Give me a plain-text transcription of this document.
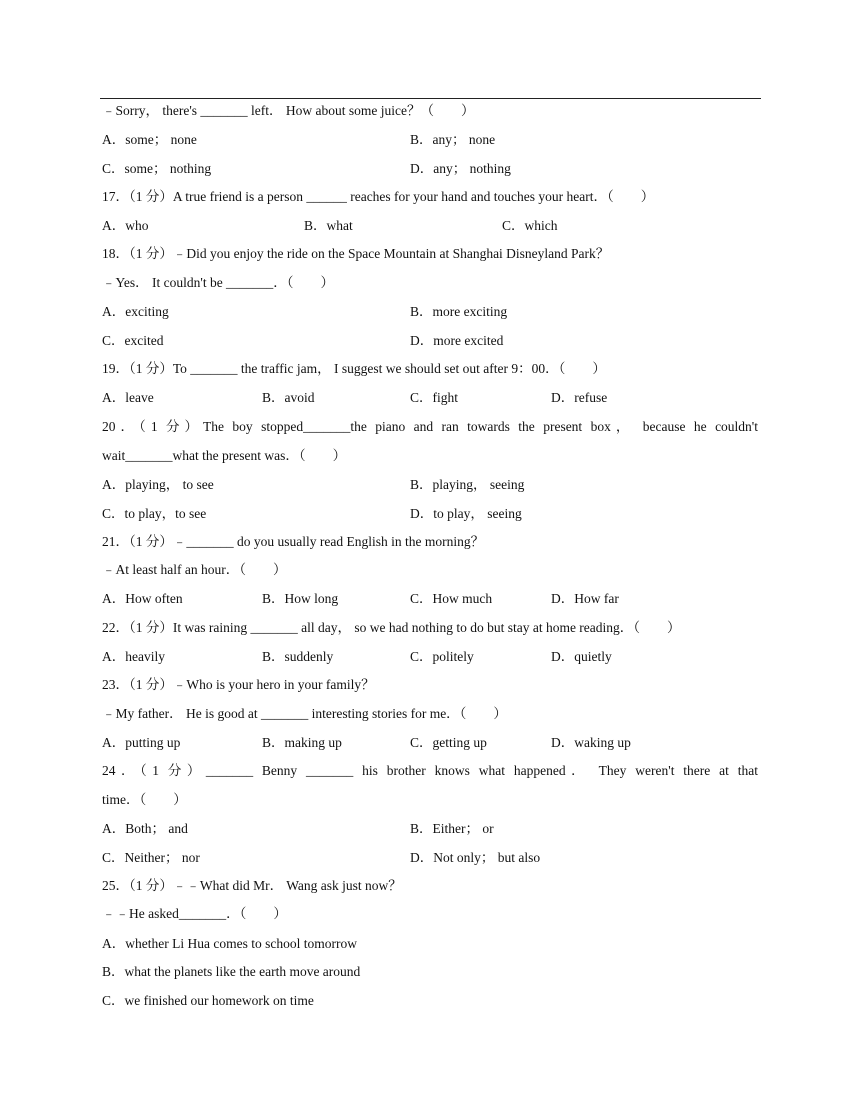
﹣Sorry， there's _______ left． How about some juice？（　　）
A．some； none	B．any； none
C．some； nothing	D．any； nothing
17．（1 分）A true friend is a person ______ reaches for your hand and touches your heart．（　　）
A．who	B．what	C．which
18．（1 分）﹣Did you enjoy the ride on the Space Mountain at Shanghai Disneyland Park？
﹣Yes． It couldn't be _______．（　　）
A．exciting	B．more exciting
C．excited	D．more excited
19．（1 分）To _______ the traffic jam， I suggest we should set out after 9：00．（　　）
A．leave	B．avoid	C．fight	D．refuse
20．（1 分）The boy stopped_______the piano and ran towards the present box， because he couldn't
wait_______what the present was．（　　）
A．playing， to see	B．playing， seeing
C．to play，to see	D．to play， seeing
21．（1 分）﹣_______ do you usually read English in the morning？
﹣At least half an hour．（　　）
A．How often	B．How long	C．How much	D．How far
22．（1 分）It was raining _______ all day， so we had nothing to do but stay at home reading．（　　）
A．heavily	B．suddenly	C．politely	D．quietly
23．（1 分）﹣Who is your hero in your family？
﹣My father． He is good at _______ interesting stories for me．（　　）
A．putting up	B．making up	C．getting up	D．waking up
24．（1 分）_______ Benny _______ his brother knows what happened． They weren't there at that
time．（　　）
A．Both； and	B．Either； or
C．Neither； nor	D．Not only； but also
25．（1 分）﹣﹣What did Mr． Wang ask just now？
﹣﹣He asked_______．（　　）
A．whether Li Hua comes to school tomorrow
B．what the planets like the earth move around
C．we finished our homework on time
